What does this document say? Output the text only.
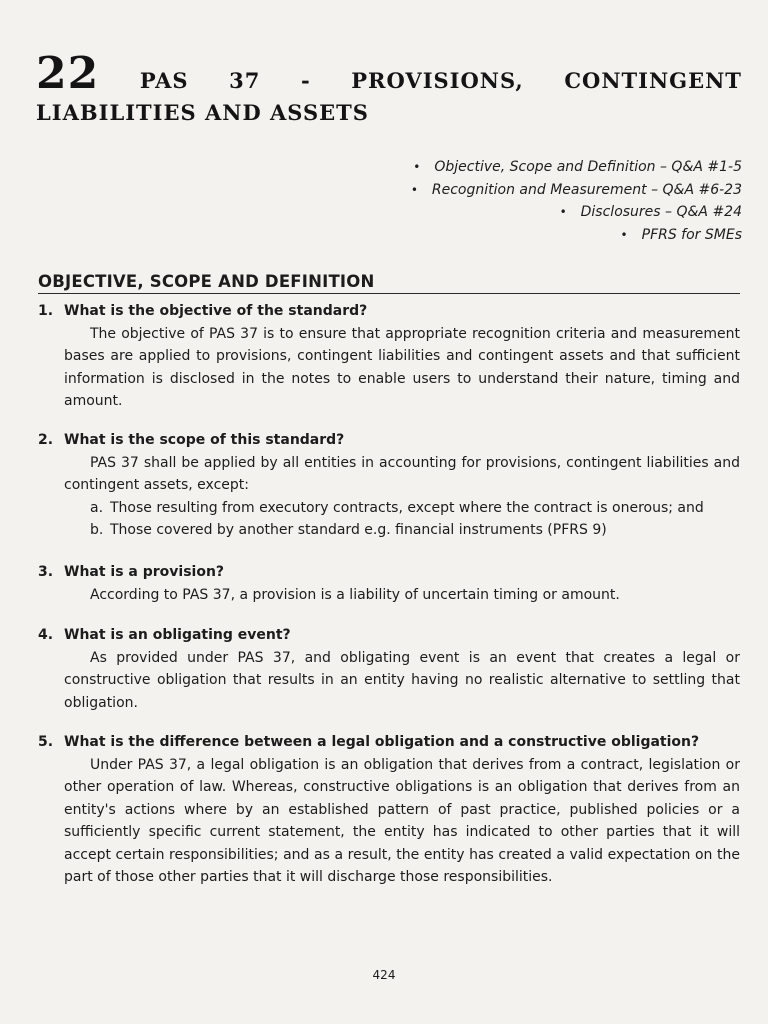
22 PAS 37 - PROVISIONS, CONTINGENT
LIABILITIES AND ASSETS
• Objective, Scope and Definition – Q&A #1-5
• Recognition and Measurement – Q&A #6-23
• Disclosures – Q&A #24
• PFRS for SMEs
OBJECTIVE, SCOPE AND DEFINITION
1. What is the objective of the standard?
The objective of PAS 37 is to ensure that appropriate recognition criteria and measurement bases are applied to provisions, contingent liabilities and contingent assets and that sufficient information is disclosed in the notes to enable users to understand their nature, timing and amount.
2. What is the scope of this standard?
PAS 37 shall be applied by all entities in accounting for provisions, contingent liabilities and contingent assets, except:
a. Those resulting from executory contracts, except where the contract is onerous; and
b. Those covered by another standard e.g. financial instruments (PFRS 9)
3. What is a provision?
According to PAS 37, a provision is a liability of uncertain timing or amount.
4. What is an obligating event?
As provided under PAS 37, and obligating event is an event that creates a legal or constructive obligation that results in an entity having no realistic alternative to settling that obligation.
5. What is the difference between a legal obligation and a constructive obligation?
Under PAS 37, a legal obligation is an obligation that derives from a contract, legislation or other operation of law. Whereas, constructive obligations is an obligation that derives from an entity's actions where by an established pattern of past practice, published policies or a sufficiently specific current statement, the entity has indicated to other parties that it will accept certain responsibilities; and as a result, the entity has created a valid expectation on the part of those other parties that it will discharge those responsibilities.
424
